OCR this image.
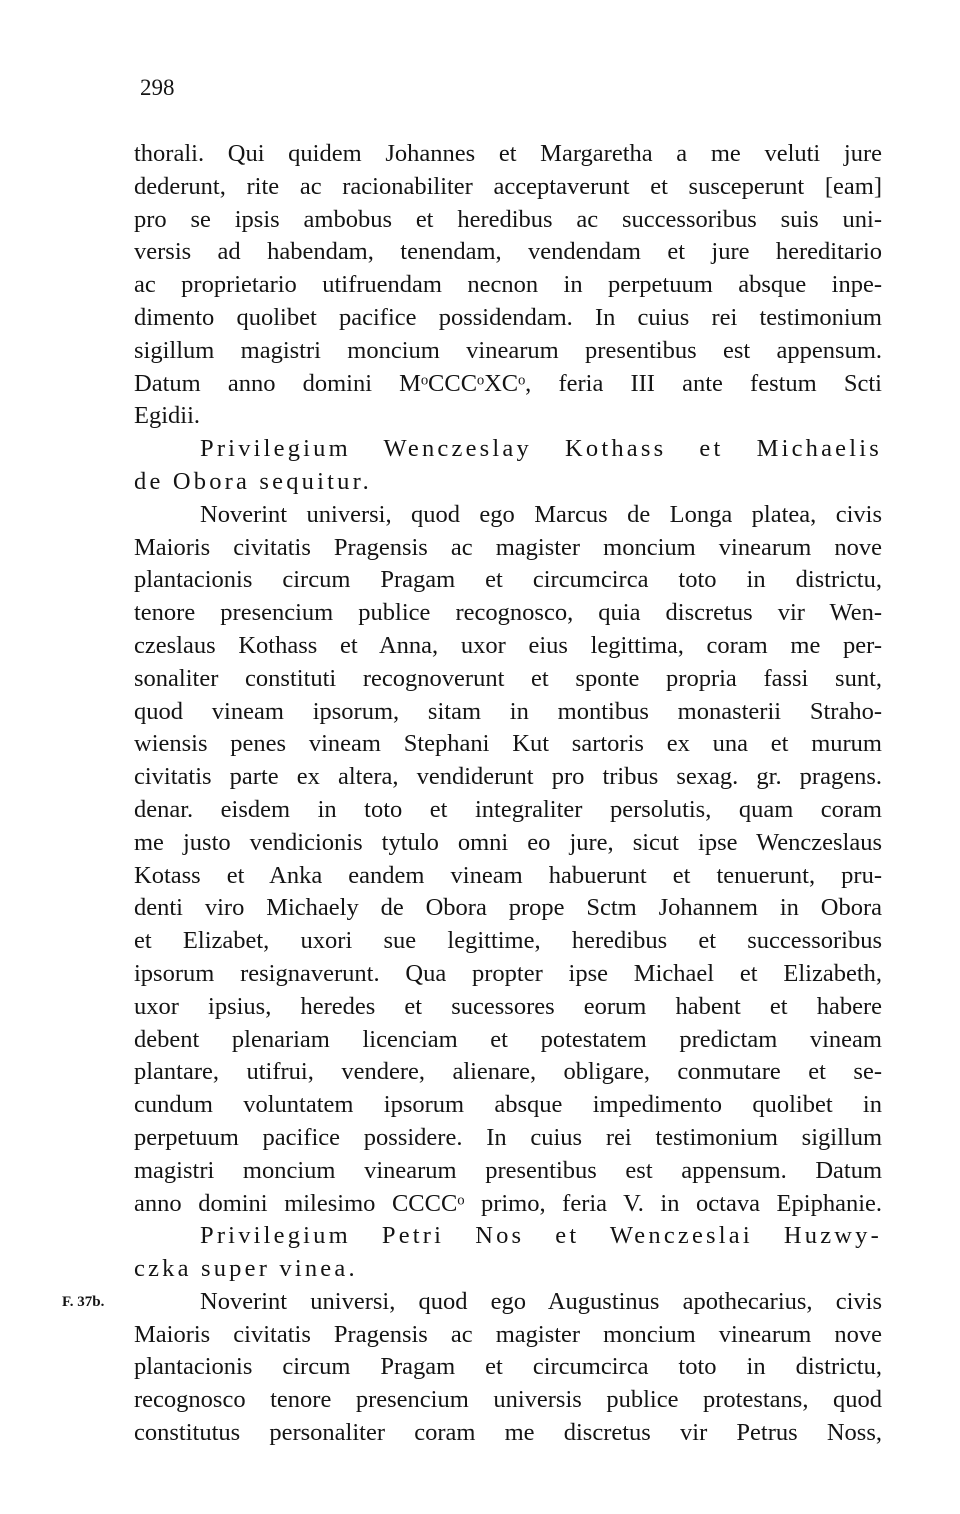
298
thorali. Qui quidem Johannes et Margaretha a me veluti jure
dederunt, rite ac racionabiliter acceptaverunt et susceperunt [eam]
pro se ipsis ambobus et heredibus ac successoribus suis uni-
versis ad habendam, tenendam, vendendam et jure hereditario
ac proprietario utifruendam necnon in perpetuum absque inpe-
dimento quolibet pacifice possidendam. In cuius rei testimonium
sigillum magistri moncium vinearum presentibus est appensum.
Datum anno domini MᵒCCCᵒXCᵒ, feria III ante festum Scti
Egidii.
Privilegium Wenczeslay Kothass et Michaelis
de Obora sequitur.
Noverint universi, quod ego Marcus de Longa platea, civis
Maioris civitatis Pragensis ac magister moncium vinearum nove
plantacionis circum Pragam et circumcirca toto in districtu,
tenore presencium publice recognosco, quia discretus vir Wen-
czeslaus Kothass et Anna, uxor eius legittima, coram me per-
sonaliter constituti recognoverunt et sponte propria fassi sunt,
quod vineam ipsorum, sitam in montibus monasterii Straho-
wiensis penes vineam Stephani Kut sartoris ex una et murum
civitatis parte ex altera, vendiderunt pro tribus sexag. gr. pragens.
denar. eisdem in toto et integraliter persolutis, quam coram
me justo vendicionis tytulo omni eo jure, sicut ipse Wenczeslaus
Kotass et Anka eandem vineam habuerunt et tenuerunt, pru-
denti viro Michaely de Obora prope Sctm Johannem in Obora
et Elizabet, uxori sue legittime, heredibus et successoribus
ipsorum resignaverunt. Qua propter ipse Michael et Elizabeth,
uxor ipsius, heredes et sucessores eorum habent et habere
debent plenariam licenciam et potestatem predictam vineam
plantare, utifrui, vendere, alienare, obligare, conmutare et se-
cundum voluntatem ipsorum absque impedimento quolibet in
perpetuum pacifice possidere. In cuius rei testimonium sigillum
magistri moncium vinearum presentibus est appensum. Datum
anno domini milesimo CCCCᵒ primo, feria V. in octava Epiphanie.
Privilegium Petri Nos et Wenczeslai Huzwy-
czka super vinea.
Noverint universi, quod ego Augustinus apothecarius, civis
Maioris civitatis Pragensis ac magister moncium vinearum nove
plantacionis circum Pragam et circumcirca toto in districtu,
recognosco tenore presencium universis publice protestans, quod
constitutus personaliter coram me discretus vir Petrus Noss,
F. 37b.
